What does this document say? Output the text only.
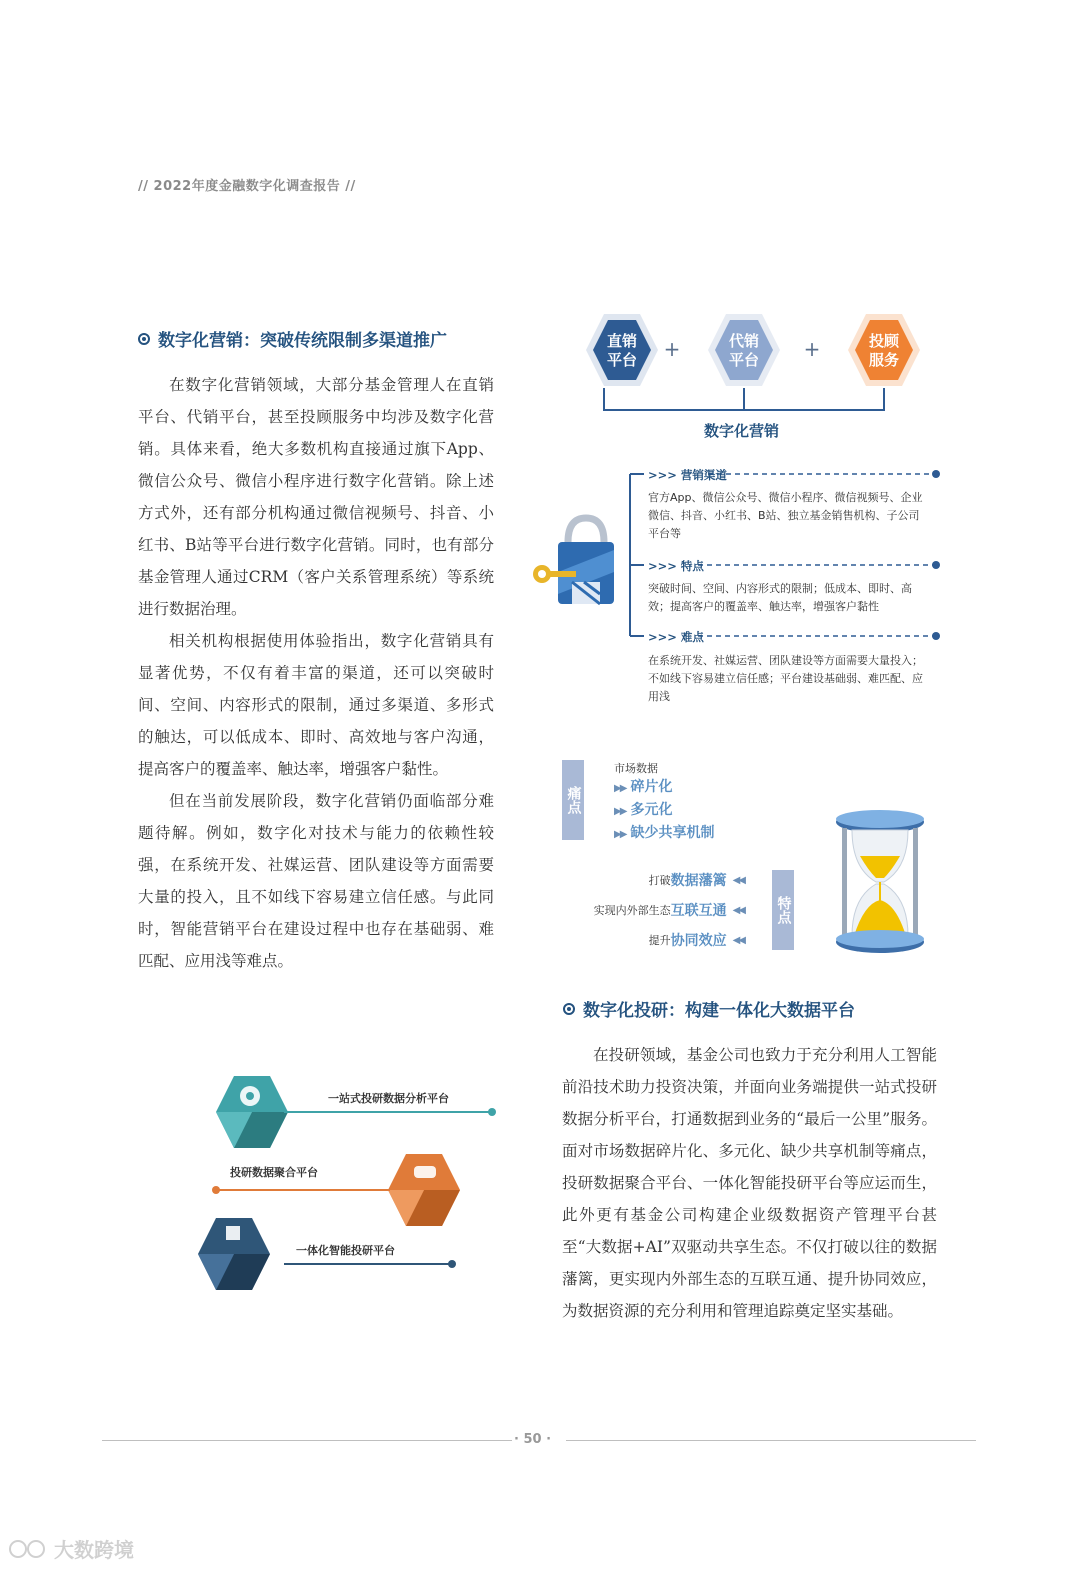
// 2022年度金融数字化调查报告 //
数字化营销：突破传统限制多渠道推广

在数字化营销领域，大部分基金管理人在直销平台、代销平台，甚至投顾服务中均涉及数字化营销。具体来看，绝大多数机构直接通过旗下App、微信公众号、微信小程序进行数字化营销。除上述方式外，还有部分机构通过微信视频号、抖音、小红书、B站等平台进行数字化营销。同时，也有部分基金管理人通过CRM（客户关系管理系统）等系统进行数据治理。

相关机构根据使用体验指出，数字化营销具有显著优势，不仅有着丰富的渠道，还可以突破时间、空间、内容形式的限制，通过多渠道、多形式的触达，可以低成本、即时、高效地与客户沟通，提高客户的覆盖率、触达率，增强客户黏性。

但在当前发展阶段，数字化营销仍面临部分难题待解。例如，数字化对技术与能力的依赖性较强，在系统开发、社媒运营、团队建设等方面需要大量的投入，且不如线下容易建立信任感。与此同时，智能营销平台在建设过程中也存在基础弱、难匹配、应用浅等难点。

直销
平台 +	代销
平台 +	投顾
服务
数字化营销
>>> 营销渠道
官方App、微信公众号、微信小程序、微信视频号、企业微信、抖音、小红书、B站、独立基金销售机构、子公司平台等
>>> 特点
突破时间、空间、内容形式的限制；低成本、即时、高效；提高客户的覆盖率、触达率，增强客户黏性
>>> 难点
在系统开发、社媒运营、团队建设等方面需要大量投入；不如线下容易建立信任感；平台建设基础弱、难匹配、应用浅
痛点
市场数据
▶▶ 碎片化
▶▶ 多元化
▶▶ 缺少共享机制
打破 数据藩篱 ◀◀
实现内外部生态 互联互通 ◀◀
提升 协同效应 ◀◀
特点
数字化投研：构建一体化大数据平台

在投研领域，基金公司也致力于充分利用人工智能前沿技术助力投资决策，并面向业务端提供一站式投研数据分析平台，打通数据到业务的“最后一公里”服务。面对市场数据碎片化、多元化、缺少共享机制等痛点，投研数据聚合平台、一体化智能投研平台等应运而生，此外更有基金公司构建企业级数据资产管理平台甚至“大数据+AI”双驱动共享生态。不仅打破以往的数据藩篱，更实现内外部生态的互联互通、提升协同效应，为数据资源的充分利用和管理追踪奠定坚实基础。

一站式投研数据分析平台
投研数据聚合平台
一体化智能投研平台
· 50 ·
大数跨境
